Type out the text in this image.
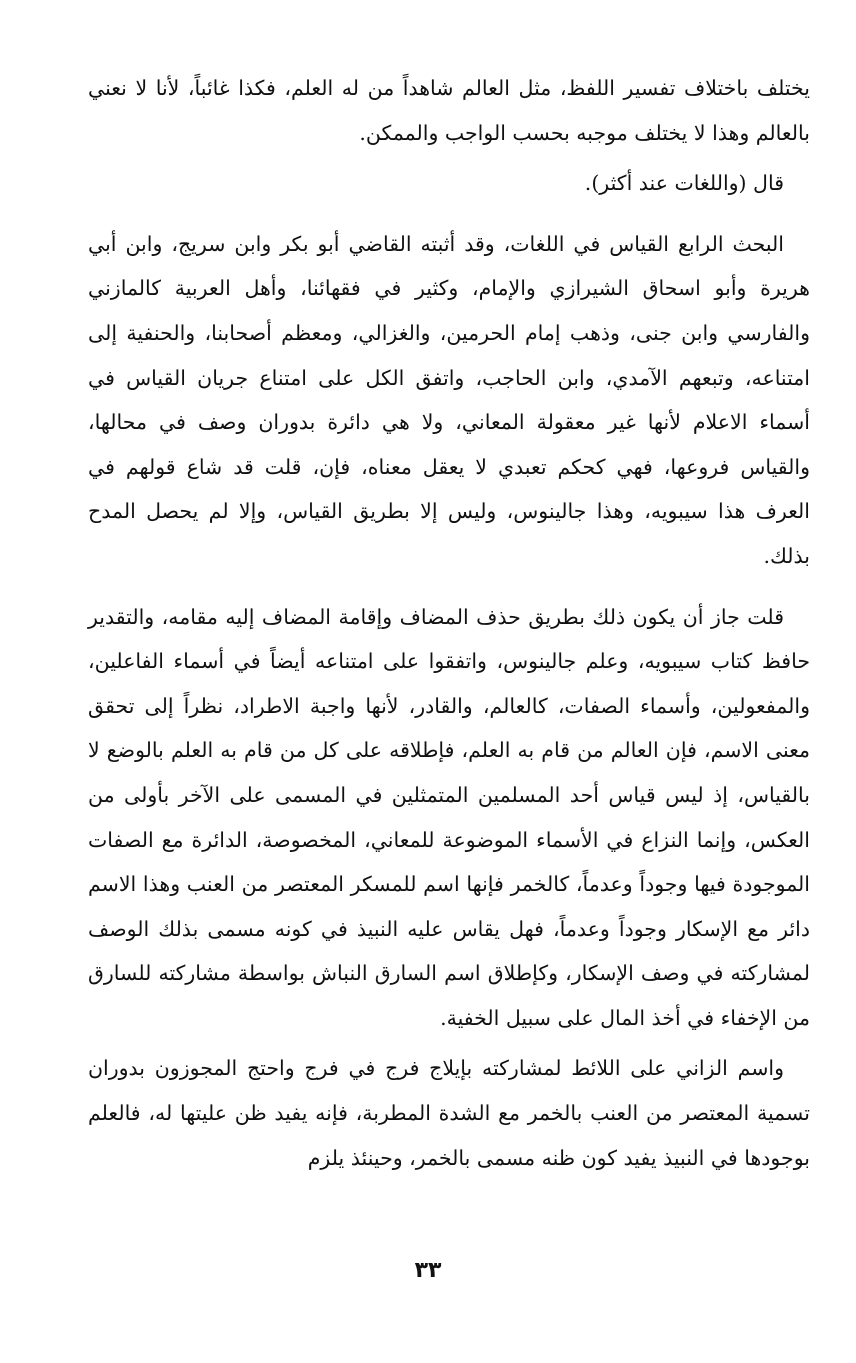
يختلف باختلاف تفسير اللفظ، مثل العالم شاهداً من له العلم، فكذا غائباً، لأنا لا نعني بالعالم وهذا لا يختلف موجبه بحسب الواجب والممكن.

قال (واللغات عند أكثر).

البحث الرابع القياس في اللغات، وقد أثبته القاضي أبو بكر وابن سريج، وابن أبي هريرة وأبو اسحاق الشيرازي والإمام، وكثير في فقهائنا، وأهل العربية كالمازني والفارسي وابن جنى، وذهب إمام الحرمين، والغزالي، ومعظم أصحابنا، والحنفية إلى امتناعه، وتبعهم الآمدي، وابن الحاجب، واتفق الكل على امتناع جريان القياس في أسماء الاعلام لأنها غير معقولة المعاني، ولا هي دائرة بدوران وصف في محالها، والقياس فروعها، فهي كحكم تعبدي لا يعقل معناه، فإن، قلت قد شاع قولهم في العرف هذا سيبويه، وهذا جالينوس، وليس إلا بطريق القياس، وإلا لم يحصل المدح بذلك.

قلت جاز أن يكون ذلك بطريق حذف المضاف وإقامة المضاف إليه مقامه، والتقدير حافظ كتاب سيبويه، وعلم جالينوس، واتفقوا على امتناعه أيضاً في أسماء الفاعلين، والمفعولين، وأسماء الصفات، كالعالم، والقادر، لأنها واجبة الاطراد، نظراً إلى تحقق معنى الاسم، فإن العالم من قام به العلم، فإطلاقه على كل من قام به العلم بالوضع لا بالقياس، إذ ليس قياس أحد المسلمين المتمثلين في المسمى على الآخر بأولى من العكس، وإنما النزاع في الأسماء الموضوعة للمعاني، المخصوصة، الدائرة مع الصفات الموجودة فيها وجوداً وعدماً، كالخمر فإنها اسم للمسكر المعتصر من العنب وهذا الاسم دائر مع الإسكار وجوداً وعدماً، فهل يقاس عليه النبيذ في كونه مسمى بذلك الوصف لمشاركته في وصف الإسكار، وكإطلاق اسم السارق النباش بواسطة مشاركته للسارق من الإخفاء في أخذ المال على سبيل الخفية.

واسم الزاني على اللائط لمشاركته بإيلاج فرج في فرج واحتج المجوزون بدوران تسمية المعتصر من العنب بالخمر مع الشدة المطربة، فإنه يفيد ظن عليتها له، فالعلم بوجودها في النبيذ يفيد كون ظنه مسمى بالخمر، وحينئذ يلزم

٣٣
